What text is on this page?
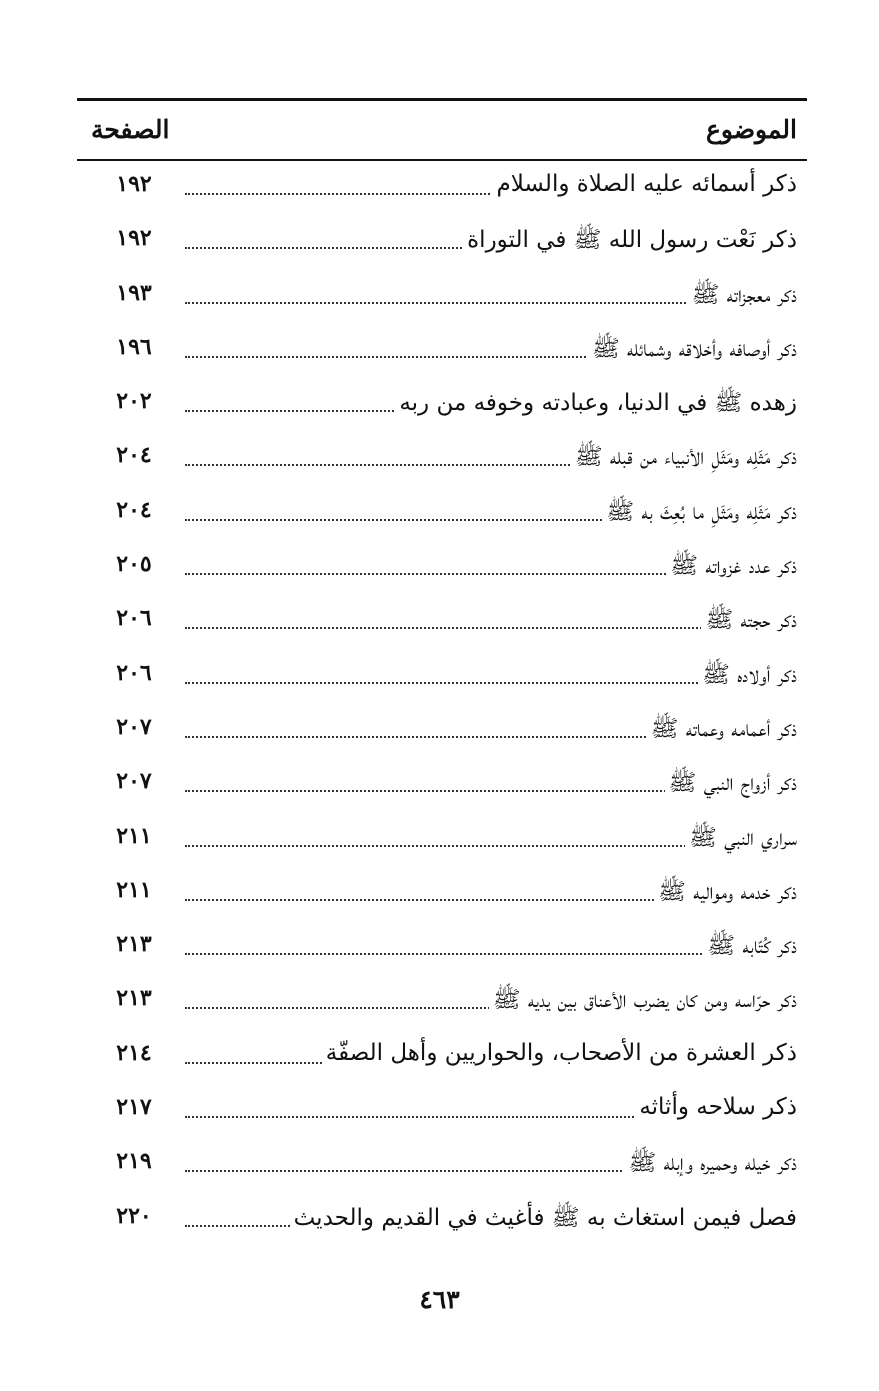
الموضوع
الصفحة
ذكر أسمائه عليه الصلاة والسلام
١٩٢
ذكر نَعْت رسول الله ﷺ في التوراة
١٩٢
ذكر معجزاته ﷺ
١٩٣
ذكر أوصافه وأخلاقه وشمائله ﷺ
١٩٦
زهده ﷺ في الدنيا، وعبادته وخوفه من ربه
٢٠٢
ذكر مَثَلِه ومَثَلِ الأنبياء من قبله ﷺ
٢٠٤
ذكر مَثَلِه ومَثَلِ ما بُعِثَ به ﷺ
٢٠٤
ذكر عدد غزواته ﷺ
٢٠٥
ذكر حجته ﷺ
٢٠٦
ذكر أولاده ﷺ
٢٠٦
ذكر أعمامه وعماته ﷺ
٢٠٧
ذكر أزواج النبي ﷺ
٢٠٧
سراري النبي ﷺ
٢١١
ذكر خدمه ومواليه ﷺ
٢١١
ذكر كُتّابه ﷺ
٢١٣
ذكر حرّاسه ومن كان يضرب الأعناق بين يديه ﷺ
٢١٣
ذكر العشرة من الأصحاب، والحواريين وأهل الصفّة
٢١٤
ذكر سلاحه وأثاثه
٢١٧
ذكر خيله وحميره وإبله ﷺ
٢١٩
فصل فيمن استغاث به ﷺ فأغيث في القديم والحديث
٢٢٠
٤٦٣
